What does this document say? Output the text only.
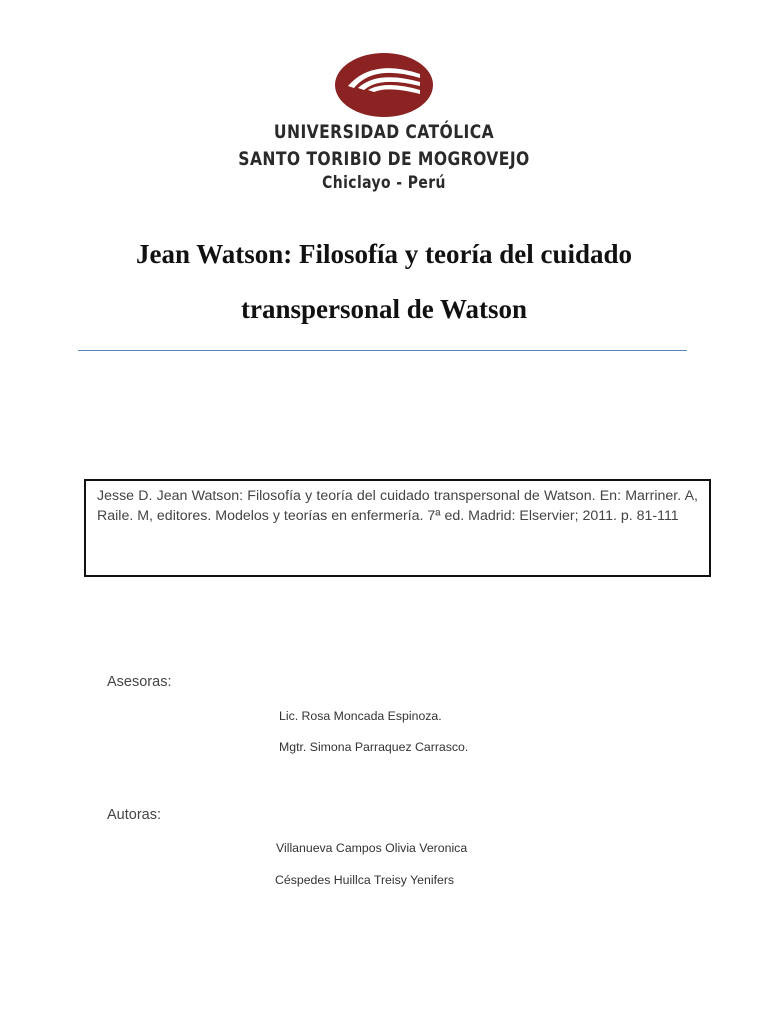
UNIVERSIDAD CATÓLICA
SANTO TORIBIO DE MOGROVEJO
Chiclayo - Perú
Jean Watson: Filosofía y teoría del cuidado
transpersonal de Watson
Jesse D. Jean Watson: Filosofía y teoría del cuidado transpersonal de Watson. En: Marriner. A, Raile. M, editores. Modelos y teorías en enfermería. 7ª ed. Madrid: Elservier; 2011. p. 81-111
Asesoras:
Lic. Rosa Moncada Espinoza.
Mgtr. Simona Parraquez Carrasco.
Autoras:
Villanueva Campos Olivia Veronica
Céspedes Huillca Treisy Yenifers
